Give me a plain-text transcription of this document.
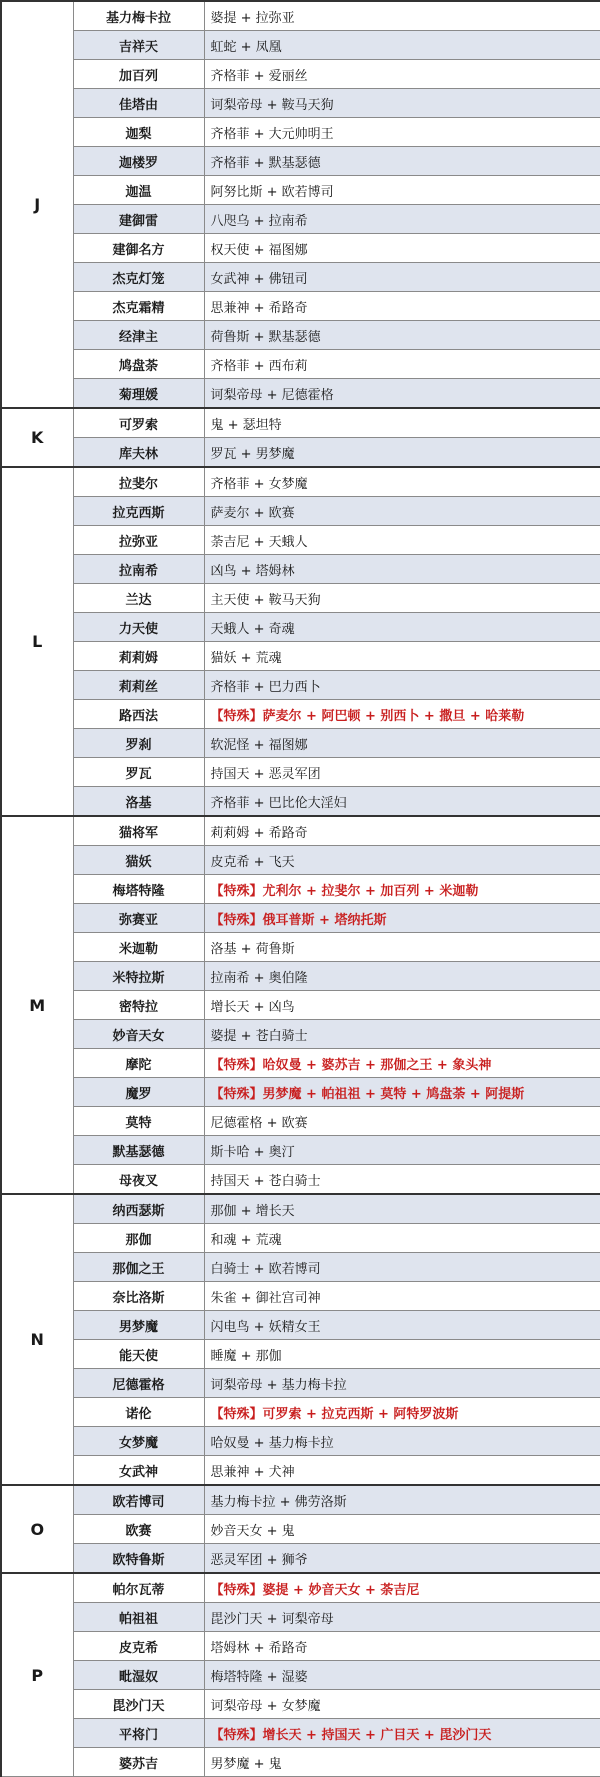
J	基力梅卡拉	婆提 + 拉弥亚
	吉祥天	虹蛇 + 凤凰
	加百列	齐格菲 + 爱丽丝
	佳塔由	诃梨帝母 + 鞍马天狗
	迦梨	齐格菲 + 大元帅明王
	迦楼罗	齐格菲 + 默基瑟德
	迦温	阿努比斯 + 欧若博司
	建御雷	八咫乌 + 拉南希
	建御名方	权天使 + 福图娜
	杰克灯笼	女武神 + 佛钮司
	杰克霜精	思兼神 + 希路奇
	经津主	荷鲁斯 + 默基瑟德
	鸠盘荼	齐格菲 + 西布莉
	菊理媛	诃梨帝母 + 尼德霍格
K	可罗索	鬼 + 瑟坦特
	库夫林	罗瓦 + 男梦魔
L	拉斐尔	齐格菲 + 女梦魔
	拉克西斯	萨麦尔 + 欧赛
	拉弥亚	荼吉尼 + 天蛾人
	拉南希	凶鸟 + 塔姆林
	兰达	主天使 + 鞍马天狗
	力天使	天蛾人 + 奇魂
	莉莉姆	猫妖 + 荒魂
	莉莉丝	齐格菲 + 巴力西卜
	路西法	【特殊】萨麦尔 + 阿巴顿 + 别西卜 + 撒旦 + 哈莱勒
	罗刹	软泥怪 + 福图娜
	罗瓦	持国天 + 恶灵军团
	洛基	齐格菲 + 巴比伦大淫妇
M	猫将军	莉莉姆 + 希路奇
	猫妖	皮克希 + 飞天
	梅塔特隆	【特殊】尤利尔 + 拉斐尔 + 加百列 + 米迦勒
	弥赛亚	【特殊】俄耳普斯 + 塔纳托斯
	米迦勒	洛基 + 荷鲁斯
	米特拉斯	拉南希 + 奥伯隆
	密特拉	增长天 + 凶鸟
	妙音天女	婆提 + 苍白骑士
	摩陀	【特殊】哈奴曼 + 婆苏吉 + 那伽之王 + 象头神
	魔罗	【特殊】男梦魔 + 帕祖祖 + 莫特 + 鸠盘荼 + 阿提斯
	莫特	尼德霍格 + 欧赛
	默基瑟德	斯卡哈 + 奥汀
	母夜叉	持国天 + 苍白骑士
N	纳西瑟斯	那伽 + 增长天
	那伽	和魂 + 荒魂
	那伽之王	白骑士 + 欧若博司
	奈比洛斯	朱雀 + 御社宫司神
	男梦魔	闪电鸟 + 妖精女王
	能天使	睡魔 + 那伽
	尼德霍格	诃梨帝母 + 基力梅卡拉
	诺伦	【特殊】可罗索 + 拉克西斯 + 阿特罗波斯
	女梦魔	哈奴曼 + 基力梅卡拉
	女武神	思兼神 + 犬神
O	欧若博司	基力梅卡拉 + 佛劳洛斯
	欧赛	妙音天女 + 鬼
	欧特鲁斯	恶灵军团 + 狮爷
P	帕尔瓦蒂	【特殊】婆提 + 妙音天女 + 荼吉尼
	帕祖祖	毘沙门天 + 诃梨帝母
	皮克希	塔姆林 + 希路奇
	毗湿奴	梅塔特隆 + 湿婆
	毘沙门天	诃梨帝母 + 女梦魔
	平将门	【特殊】增长天 + 持国天 + 广目天 + 毘沙门天
	婆苏吉	男梦魔 + 鬼
